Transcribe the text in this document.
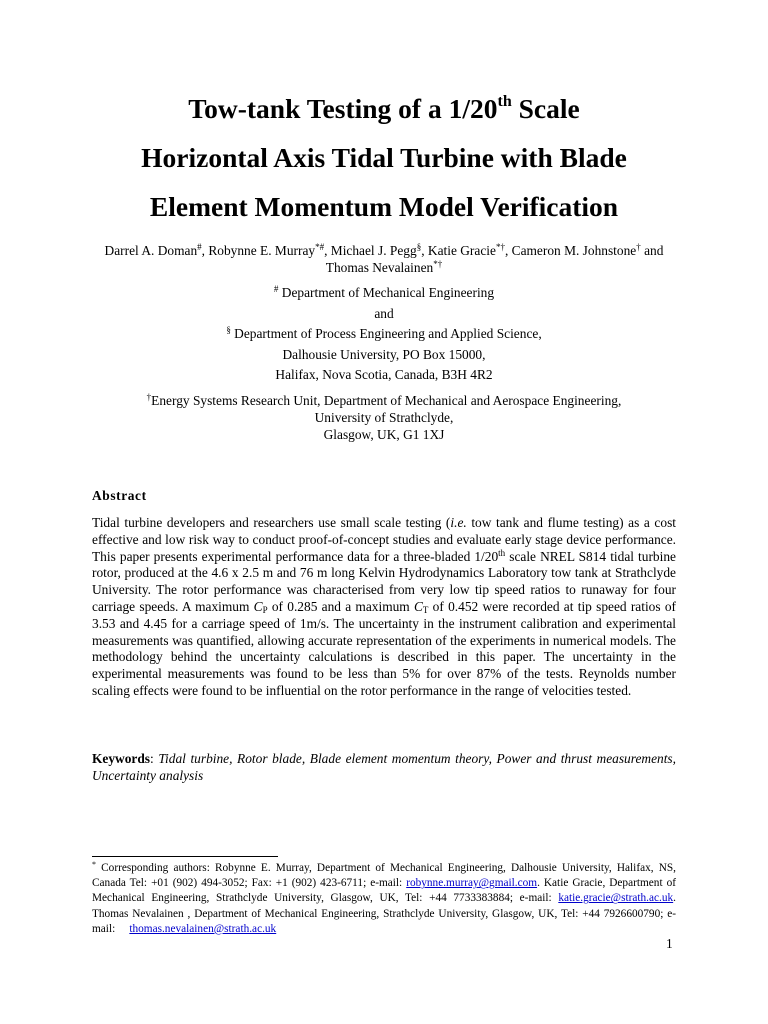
Tow-tank Testing of a 1/20th Scale
Horizontal Axis Tidal Turbine with Blade
Element Momentum Model Verification
Darrel A. Doman#, Robynne E. Murray*#, Michael J. Pegg§, Katie Gracie*†, Cameron M. Johnstone† and
Thomas Nevalainen*†
# Department of Mechanical Engineering
and
§ Department of Process Engineering and Applied Science,
Dalhousie University, PO Box 15000,
Halifax, Nova Scotia, Canada, B3H 4R2
†Energy Systems Research Unit, Department of Mechanical and Aerospace Engineering,
University of Strathclyde,
Glasgow, UK, G1 1XJ
Abstract
Tidal turbine developers and researchers use small scale testing (i.e. tow tank and flume testing) as a cost effective and low risk way to conduct proof-of-concept studies and evaluate early stage device performance. This paper presents experimental performance data for a three-bladed 1/20th scale NREL S814 tidal turbine rotor, produced at the 4.6 x 2.5 m and 76 m long Kelvin Hydrodynamics Laboratory tow tank at Strathclyde University. The rotor performance was characterised from very low tip speed ratios to runaway for four carriage speeds. A maximum $C_P$ of 0.285 and a maximum $C_T$ of 0.452 were recorded at tip speed ratios of 3.53 and 4.45 for a carriage speed of 1m/s. The uncertainty in the instrument calibration and experimental measurements was quantified, allowing accurate representation of the experiments in numerical models. The methodology behind the uncertainty calculations is described in this paper. The uncertainty in the experimental measurements was found to be less than 5% for over 87% of the tests. Reynolds number scaling effects were found to be influential on the rotor performance in the range of velocities tested.
Keywords: Tidal turbine, Rotor blade, Blade element momentum theory, Power and thrust measurements, Uncertainty analysis
* Corresponding authors: Robynne E. Murray, Department of Mechanical Engineering, Dalhousie University, Halifax, NS, Canada Tel: +01 (902) 494-3052; Fax: +1 (902) 423-6711; e-mail: robynne.murray@gmail.com. Katie Gracie, Department of Mechanical Engineering, Strathclyde University, Glasgow, UK, Tel: +44 7733383884; e-mail: katie.gracie@strath.ac.uk. Thomas Nevalainen , Department of Mechanical Engineering, Strathclyde University, Glasgow, UK, Tel: +44 7926600790; e-mail:     thomas.nevalainen@strath.ac.uk
1
